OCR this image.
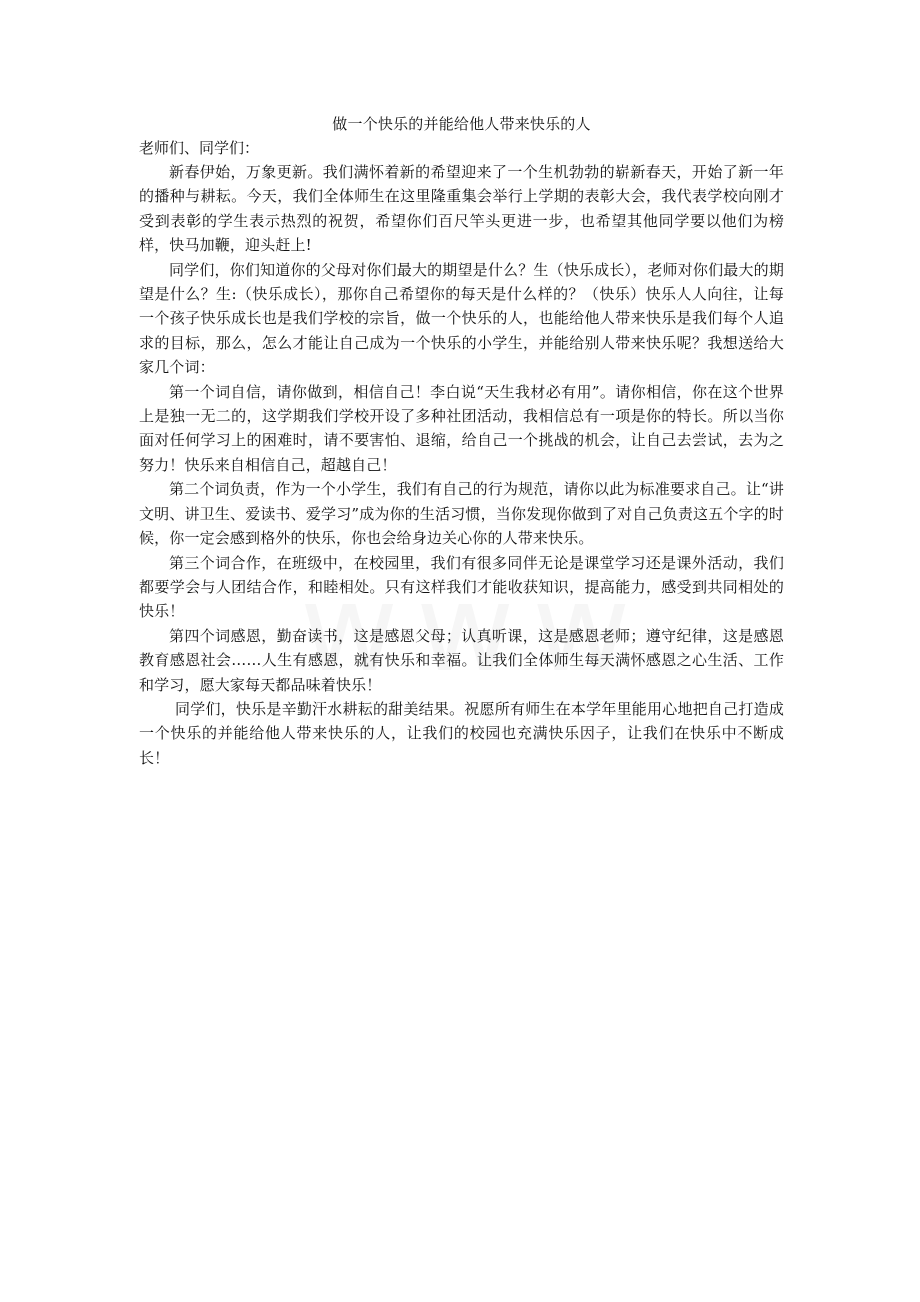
做一个快乐的并能给他人带来快乐的人

老师们、同学们：

新春伊始，万象更新。我们满怀着新的希望迎来了一个生机勃勃的崭新春天，开始了新一年的播种与耕耘。今天，我们全体师生在这里隆重集会举行上学期的表彰大会，我代表学校向刚才受到表彰的学生表示热烈的祝贺，希望你们百尺竿头更进一步，也希望其他同学要以他们为榜样，快马加鞭，迎头赶上!

同学们，你们知道你的父母对你们最大的期望是什么？生（快乐成长），老师对你们最大的期望是什么？生:（快乐成长），那你自己希望你的每天是什么样的？（快乐）快乐人人向往，让每一个孩子快乐成长也是我们学校的宗旨，做一个快乐的人，也能给他人带来快乐是我们每个人追求的目标，那么，怎么才能让自己成为一个快乐的小学生，并能给别人带来快乐呢？我想送给大家几个词：

第一个词自信，请你做到，相信自己！李白说“天生我材必有用”。请你相信，你在这个世界上是独一无二的，这学期我们学校开设了多种社团活动，我相信总有一项是你的特长。所以当你面对任何学习上的困难时，请不要害怕、退缩，给自己一个挑战的机会，让自己去尝试，去为之努力！快乐来自相信自己，超越自己！

第二个词负责，作为一个小学生，我们有自己的行为规范，请你以此为标准要求自己。让“讲文明、讲卫生、爱读书、爱学习”成为你的生活习惯，当你发现你做到了对自己负责这五个字的时候，你一定会感到格外的快乐，你也会给身边关心你的人带来快乐。

第三个词合作，在班级中，在校园里，我们有很多同伴无论是课堂学习还是课外活动，我们都要学会与人团结合作，和睦相处。只有这样我们才能收获知识，提高能力，感受到共同相处的快乐！

第四个词感恩，勤奋读书，这是感恩父母；认真听课，这是感恩老师；遵守纪律，这是感恩教育感恩社会……人生有感恩，就有快乐和幸福。让我们全体师生每天满怀感恩之心生活、工作和学习，愿大家每天都品味着快乐！

同学们，快乐是辛勤汗水耕耘的甜美结果。祝愿所有师生在本学年里能用心地把自己打造成一个快乐的并能给他人带来快乐的人，让我们的校园也充满快乐因子，让我们在快乐中不断成长！
